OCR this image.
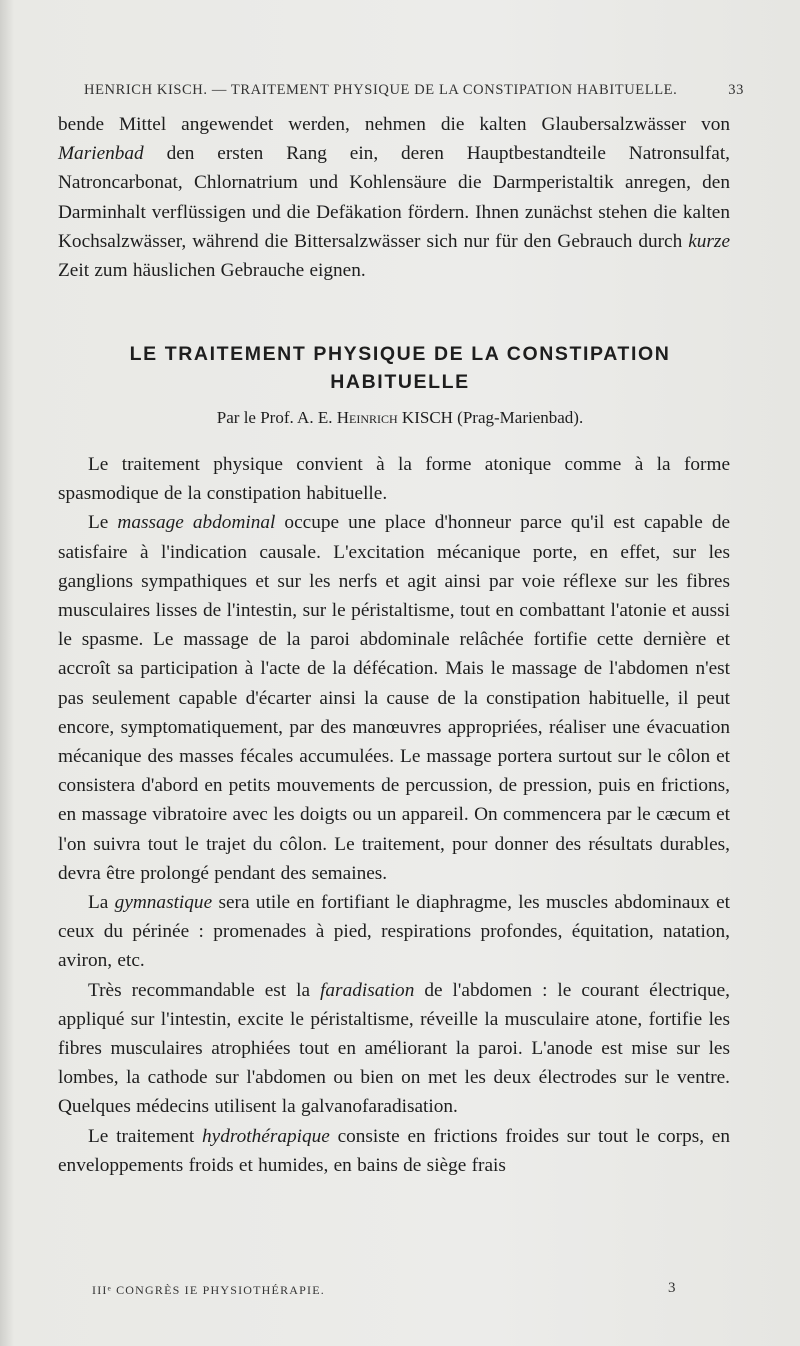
HENRICH KISCH. — TRAITEMENT PHYSIQUE DE LA CONSTIPATION HABITUELLE.	33

bende Mittel angewendet werden, nehmen die kalten Glaubersalzwässer von Marienbad den ersten Rang ein, deren Hauptbestandteile Natronsulfat, Natroncarbonat, Chlornatrium und Kohlensäure die Darmperistaltik anregen, den Darminhalt verflüssigen und die Defäkation fördern. Ihnen zunächst stehen die kalten Kochsalzwässer, während die Bittersalzwässer sich nur für den Gebrauch durch kurze Zeit zum häuslichen Gebrauche eignen.

LE TRAITEMENT PHYSIQUE DE LA CONSTIPATION HABITUELLE
Par le Prof. A. E. Heinrich KISCH (Prag-Marienbad).

Le traitement physique convient à la forme atonique comme à la forme spasmodique de la constipation habituelle.

Le massage abdominal occupe une place d'honneur parce qu'il est capable de satisfaire à l'indication causale. L'excitation mécanique porte, en effet, sur les ganglions sympathiques et sur les nerfs et agit ainsi par voie réflexe sur les fibres musculaires lisses de l'intestin, sur le péristaltisme, tout en combattant l'atonie et aussi le spasme. Le massage de la paroi abdominale relâchée fortifie cette dernière et accroît sa participation à l'acte de la défécation. Mais le massage de l'abdomen n'est pas seulement capable d'écarter ainsi la cause de la constipation habituelle, il peut encore, symptomatiquement, par des manœuvres appropriées, réaliser une évacuation mécanique des masses fécales accumulées. Le massage portera surtout sur le côlon et consistera d'abord en petits mouvements de percussion, de pression, puis en frictions, en massage vibratoire avec les doigts ou un appareil. On commencera par le cæcum et l'on suivra tout le trajet du côlon. Le traitement, pour donner des résultats durables, devra être prolongé pendant des semaines.

La gymnastique sera utile en fortifiant le diaphragme, les muscles abdominaux et ceux du périnée : promenades à pied, respirations profondes, équitation, natation, aviron, etc.

Très recommandable est la faradisation de l'abdomen : le courant électrique, appliqué sur l'intestin, excite le péristaltisme, réveille la musculaire atone, fortifie les fibres musculaires atrophiées tout en améliorant la paroi. L'anode est mise sur les lombes, la cathode sur l'abdomen ou bien on met les deux électrodes sur le ventre. Quelques médecins utilisent la galvanofaradisation.

Le traitement hydrothérapique consiste en frictions froides sur tout le corps, en enveloppements froids et humides, en bains de siège frais

IIIᵉ CONGRÈS IE PHYSIOTHÉRAPIE.	3
